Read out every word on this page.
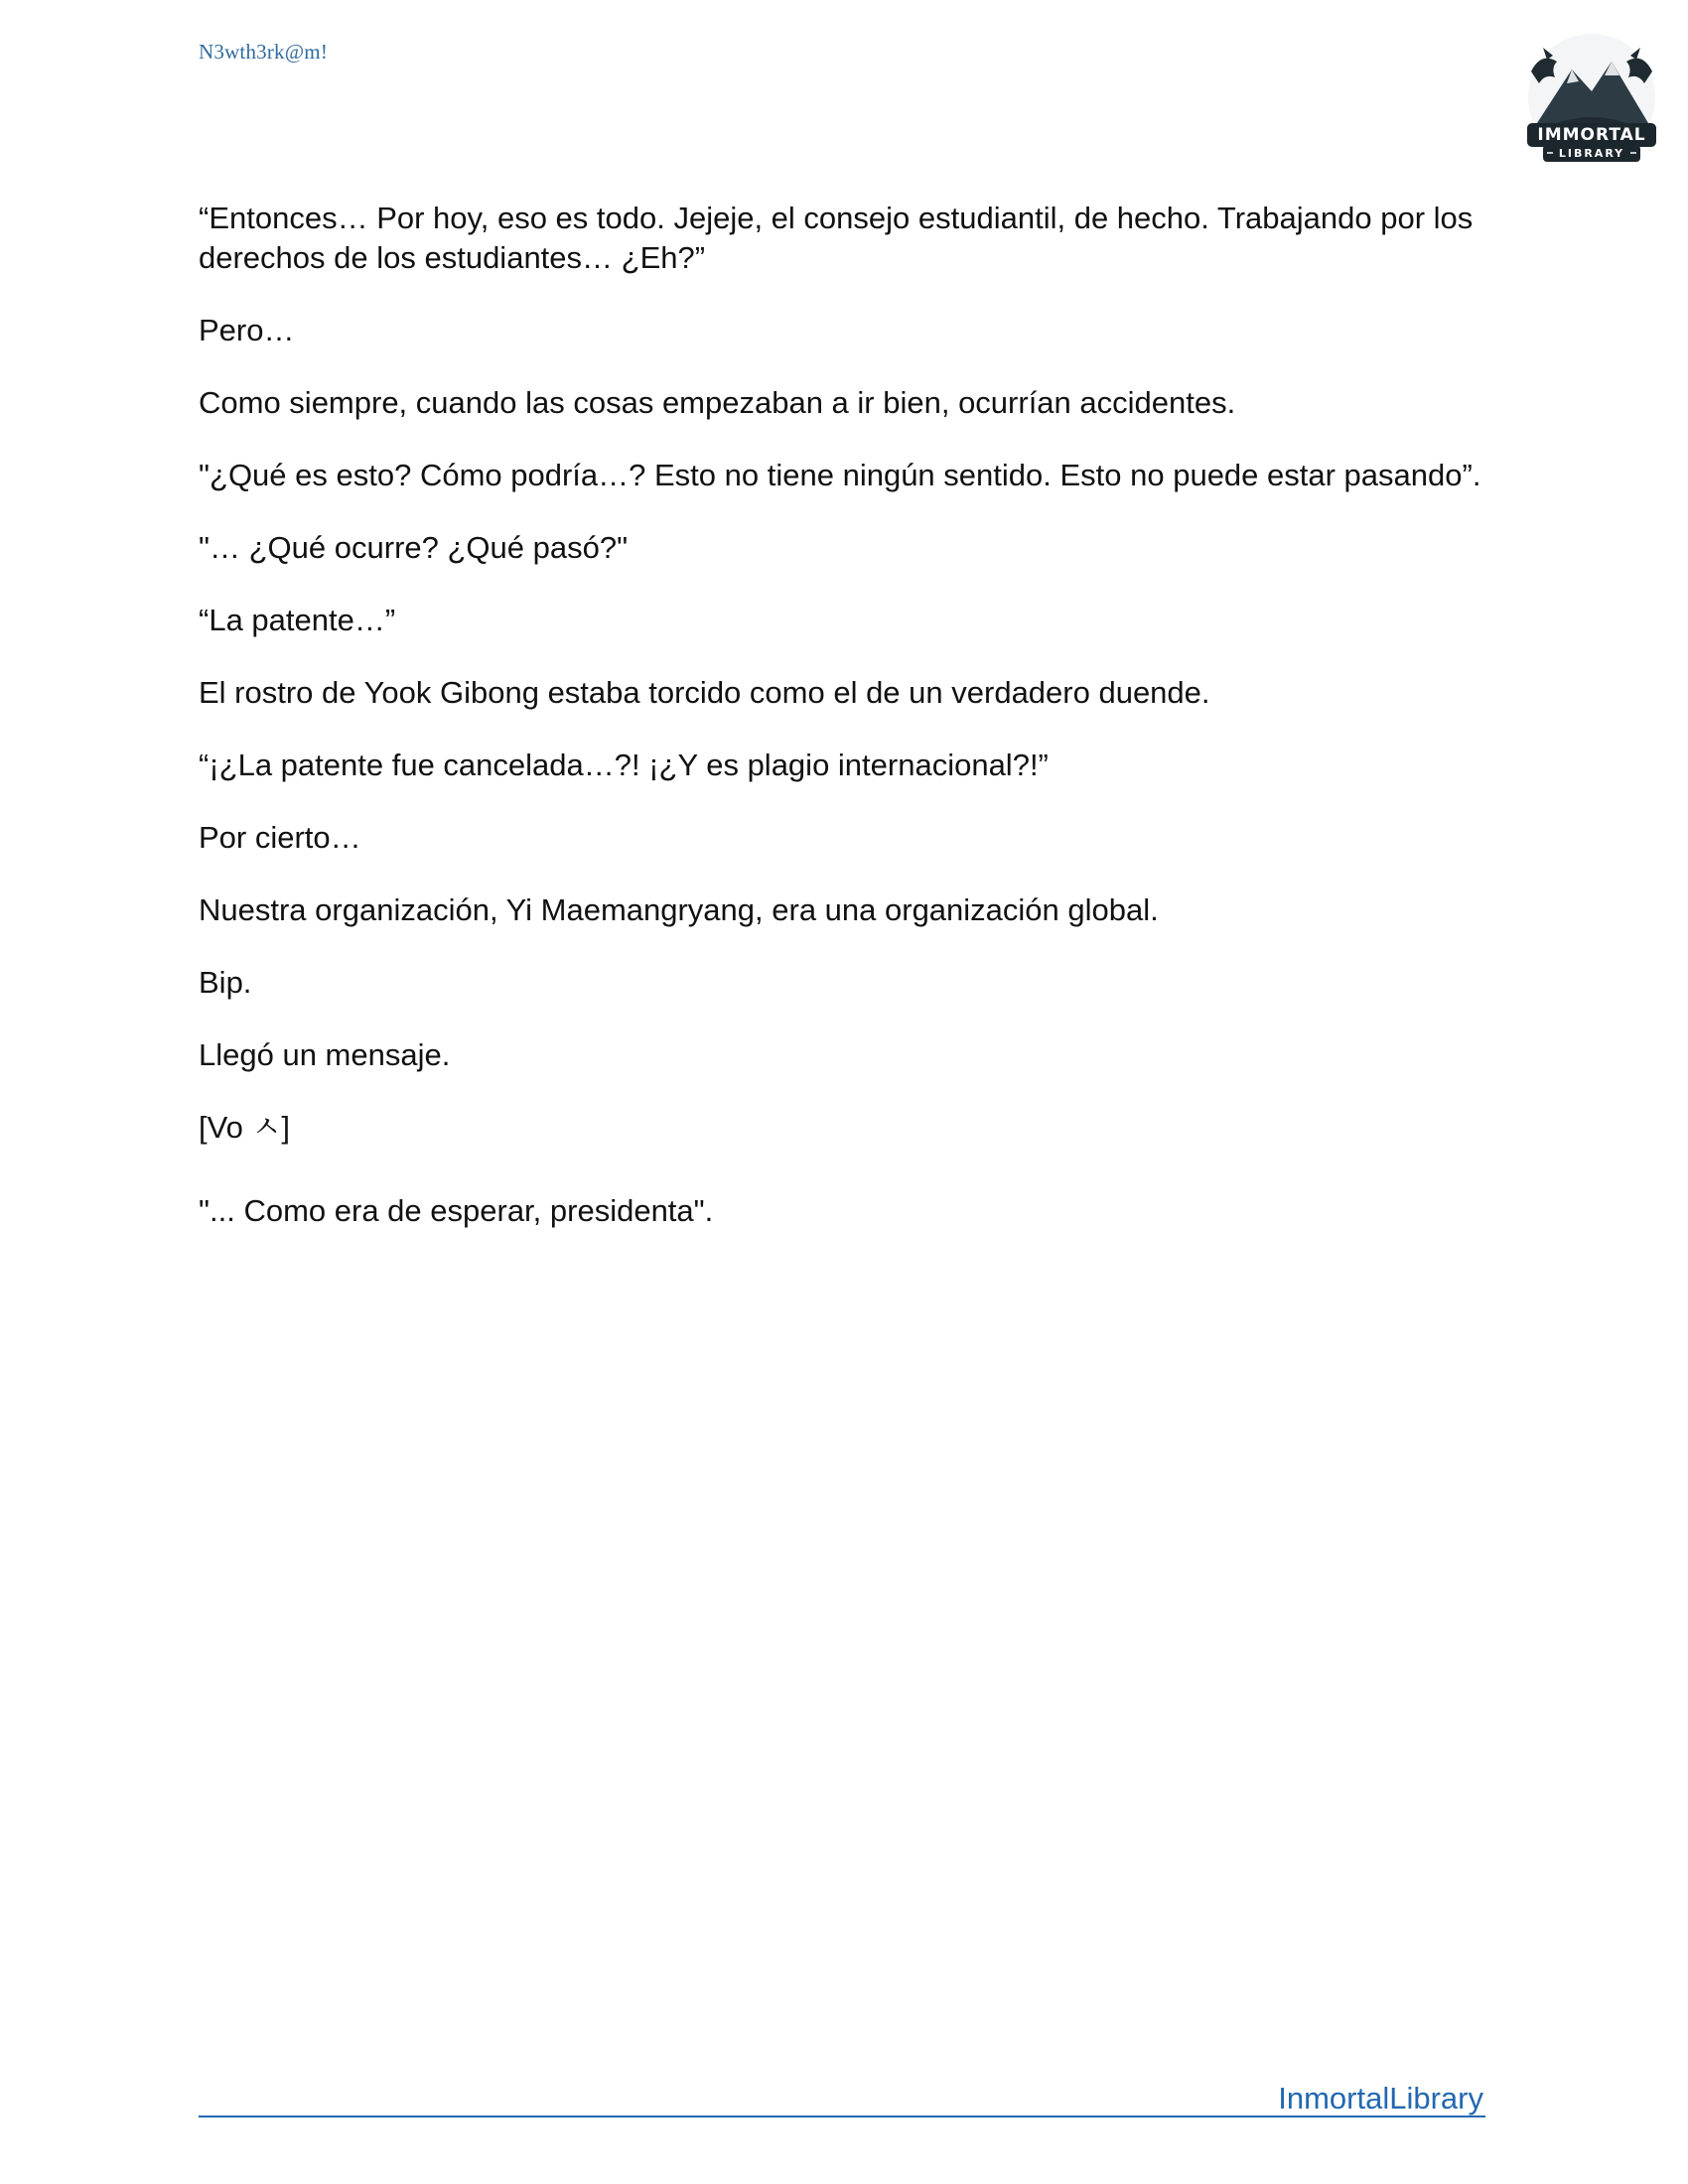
N3wth3rk@m!
IMMORTAL
LIBRARY

“Entonces… Por hoy, eso es todo. Jejeje, el consejo estudiantil, de hecho. Trabajando por los derechos de los estudiantes… ¿Eh?”

Pero…

Como siempre, cuando las cosas empezaban a ir bien, ocurrían accidentes.

"¿Qué es esto? Cómo podría…? Esto no tiene ningún sentido. Esto no puede estar pasando”.

"… ¿Qué ocurre? ¿Qué pasó?"

“La patente…”

El rostro de Yook Gibong estaba torcido como el de un verdadero duende.

“¡¿La patente fue cancelada…?! ¡¿Y es plagio internacional?!”

Por cierto…

Nuestra organización, Yi Maemangryang, era una organización global.

Bip.

Llegó un mensaje.

[Vo ㅅ]

"... Como era de esperar, presidenta".

InmortalLibrary
